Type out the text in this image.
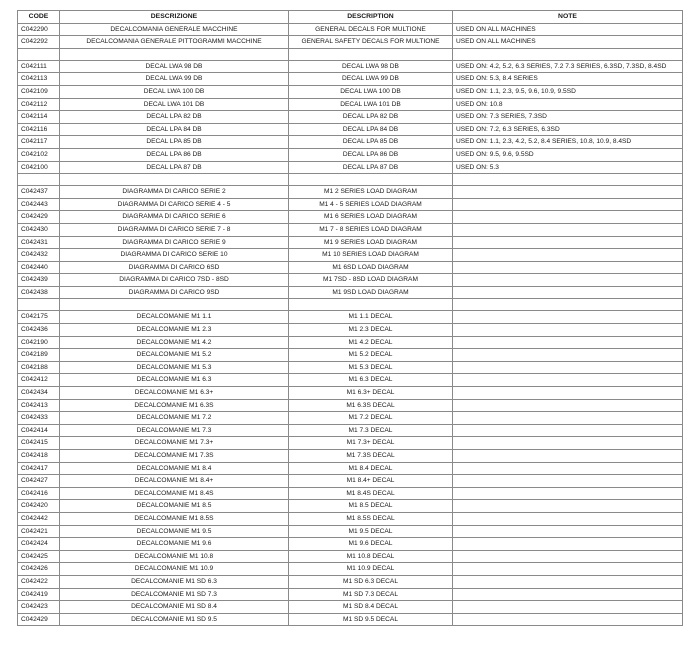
CODE	DESCRIZIONE	DESCRIPTION	NOTE
C042290	DECALCOMANIA GENERALE MACCHINE	GENERAL DECALS FOR MULTIONE	USED ON ALL MACHINES
C042292	DECALCOMANIA GENERALE PITTOGRAMMI MACCHINE	GENERAL SAFETY DECALS FOR MULTIONE	USED ON ALL MACHINES

C042111	DECAL LWA 98 DB	DECAL LWA 98 DB	USED ON: 4.2, 5.2, 6.3 SERIES, 7.2 7.3 SERIES, 6.3SD, 7.3SD, 8.4SD
C042113	DECAL LWA 99 DB	DECAL LWA 99 DB	USED ON: 5.3, 8.4 SERIES
C042109	DECAL LWA 100 DB	DECAL LWA 100 DB	USED ON: 1.1, 2.3, 9.5, 9.6, 10.9, 9.5SD
C042112	DECAL LWA 101 DB	DECAL LWA 101 DB	USED ON: 10.8
C042114	DECAL LPA 82 DB	DECAL LPA 82 DB	USED ON: 7.3 SERIES, 7.3SD
C042116	DECAL LPA 84 DB	DECAL LPA 84 DB	USED ON: 7.2, 6.3 SERIES, 6.3SD
C042117	DECAL LPA 85 DB	DECAL LPA 85 DB	USED ON: 1.1, 2.3, 4.2, 5.2, 8.4 SERIES, 10.8, 10.9, 8.4SD
C042102	DECAL LPA 86 DB	DECAL LPA 86 DB	USED ON: 9.5, 9.6, 9.5SD
C042100	DECAL LPA 87 DB	DECAL LPA 87 DB	USED ON: 5.3

C042437	DIAGRAMMA DI CARICO SERIE 2	M1 2 SERIES LOAD DIAGRAM	
C042443	DIAGRAMMA DI CARICO SERIE 4 - 5	M1 4 - 5 SERIES LOAD DIAGRAM	
C042429	DIAGRAMMA DI CARICO SERIE 6	M1 6 SERIES LOAD DIAGRAM	
C042430	DIAGRAMMA DI CARICO SERIE 7 - 8	M1 7 - 8 SERIES LOAD DIAGRAM	
C042431	DIAGRAMMA DI CARICO SERIE 9	M1 9 SERIES LOAD DIAGRAM	
C042432	DIAGRAMMA DI CARICO SERIE 10	M1 10 SERIES LOAD DIAGRAM	
C042440	DIAGRAMMA DI CARICO 6SD	M1 6SD LOAD DIAGRAM	
C042439	DIAGRAMMA DI CARICO 7SD - 8SD	M1 7SD - 8SD LOAD DIAGRAM	
C042438	DIAGRAMMA DI CARICO 9SD	M1 9SD LOAD DIAGRAM	

C042175	DECALCOMANIE M1 1.1	M1 1.1 DECAL	
C042436	DECALCOMANIE M1 2.3	M1 2.3 DECAL	
C042190	DECALCOMANIE M1 4.2	M1 4.2 DECAL	
C042189	DECALCOMANIE M1 5.2	M1 5.2 DECAL	
C042188	DECALCOMANIE M1 5.3	M1 5.3 DECAL	
C042412	DECALCOMANIE M1 6.3	M1 6.3 DECAL	
C042434	DECALCOMANIE M1 6.3+	M1 6.3+ DECAL	
C042413	DECALCOMANIE M1 6.3S	M1 6.3S DECAL	
C042433	DECALCOMANIE M1 7.2	M1 7.2 DECAL	
C042414	DECALCOMANIE M1 7.3	M1 7.3 DECAL	
C042415	DECALCOMANIE M1 7.3+	M1 7.3+ DECAL	
C042418	DECALCOMANIE M1 7.3S	M1 7.3S DECAL	
C042417	DECALCOMANIE M1 8.4	M1 8.4 DECAL	
C042427	DECALCOMANIE M1 8.4+	M1 8.4+ DECAL	
C042416	DECALCOMANIE M1 8.4S	M1 8.4S DECAL	
C042420	DECALCOMANIE M1 8.5	M1 8.5 DECAL	
C042442	DECALCOMANIE M1 8.5S	M1 8.5S DECAL	
C042421	DECALCOMANIE M1 9.5	M1 9.5 DECAL	
C042424	DECALCOMANIE M1 9.6	M1 9.6 DECAL	
C042425	DECALCOMANIE M1 10.8	M1 10.8 DECAL	
C042426	DECALCOMANIE M1 10.9	M1 10.9 DECAL	
C042422	DECALCOMANIE M1 SD 6.3	M1 SD 6.3 DECAL	
C042419	DECALCOMANIE M1 SD 7.3	M1 SD 7.3 DECAL	
C042423	DECALCOMANIE M1 SD 8.4	M1 SD 8.4 DECAL	
C042429	DECALCOMANIE M1 SD 9.5	M1 SD 9.5 DECAL	
